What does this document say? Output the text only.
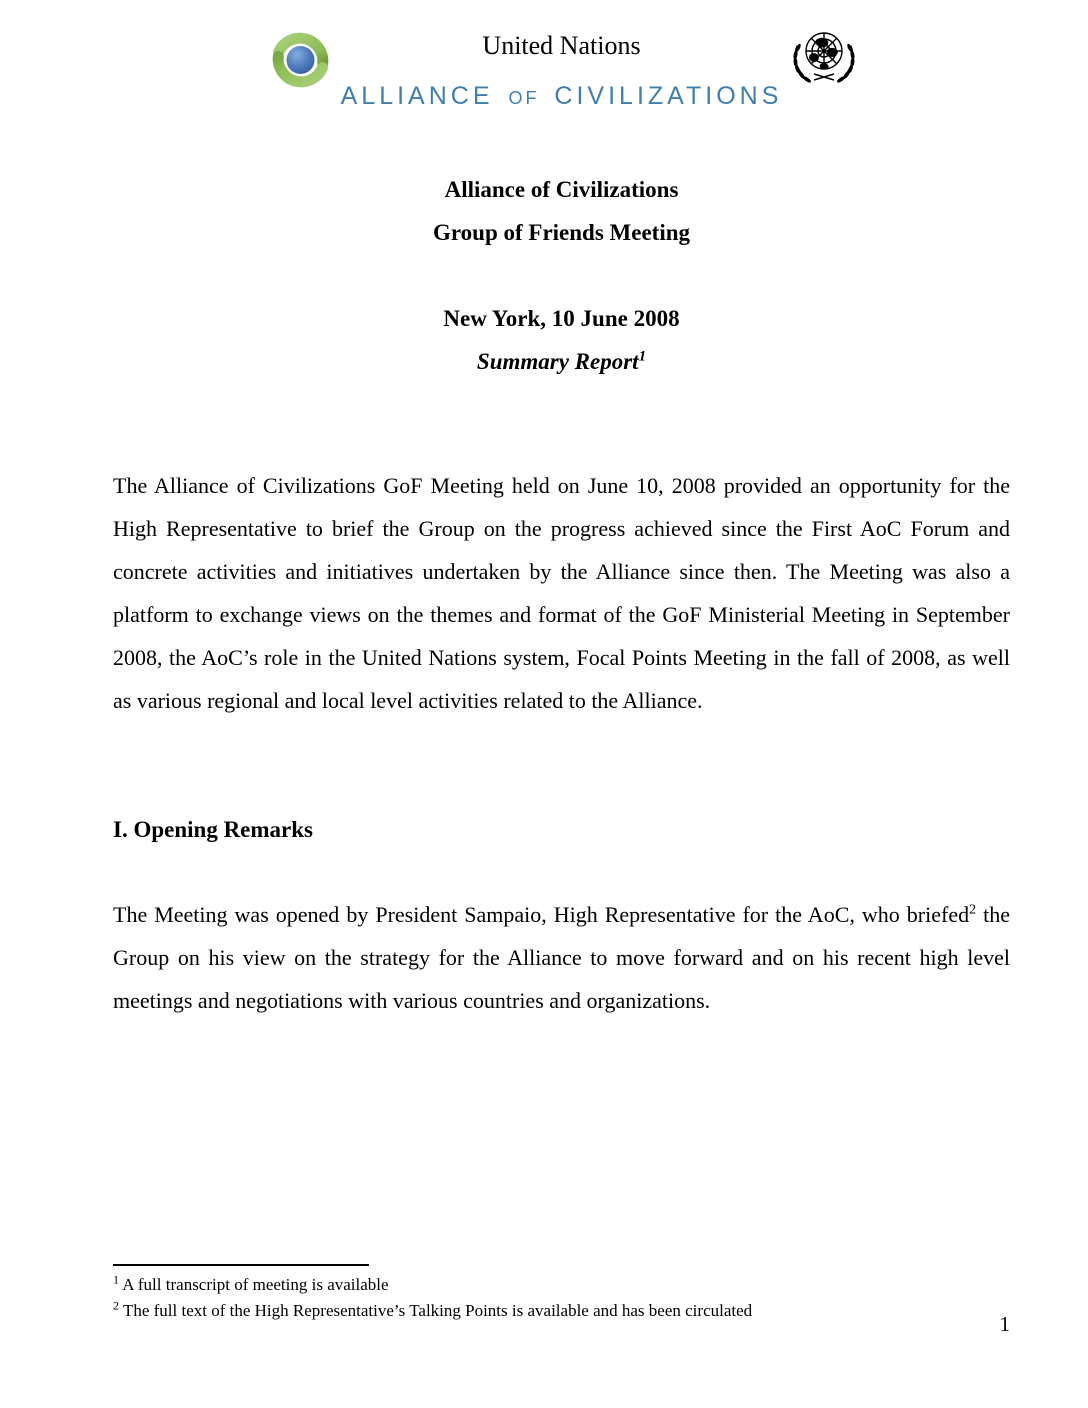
United Nations
ALLIANCE OF CIVILIZATIONS
Alliance of Civilizations
Group of Friends Meeting
New York, 10 June 2008
Summary Report$^1$

The Alliance of Civilizations GoF Meeting held on June 10, 2008 provided an opportunity for the High Representative to brief the Group on the progress achieved since the First AoC Forum and concrete activities and initiatives undertaken by the Alliance since then. The Meeting was also a platform to exchange views on the themes and format of the GoF Ministerial Meeting in September 2008, the AoC’s role in the United Nations system, Focal Points Meeting in the fall of 2008, as well as various regional and local level activities related to the Alliance.

I. Opening Remarks

The Meeting was opened by President Sampaio, High Representative for the AoC, who briefed$^2$ the Group on his view on the strategy for the Alliance to move forward and on his recent high level meetings and negotiations with various countries and organizations.

$^1$ A full transcript of meeting is available
$^2$ The full text of the High Representative’s Talking Points is available and has been circulated
1
